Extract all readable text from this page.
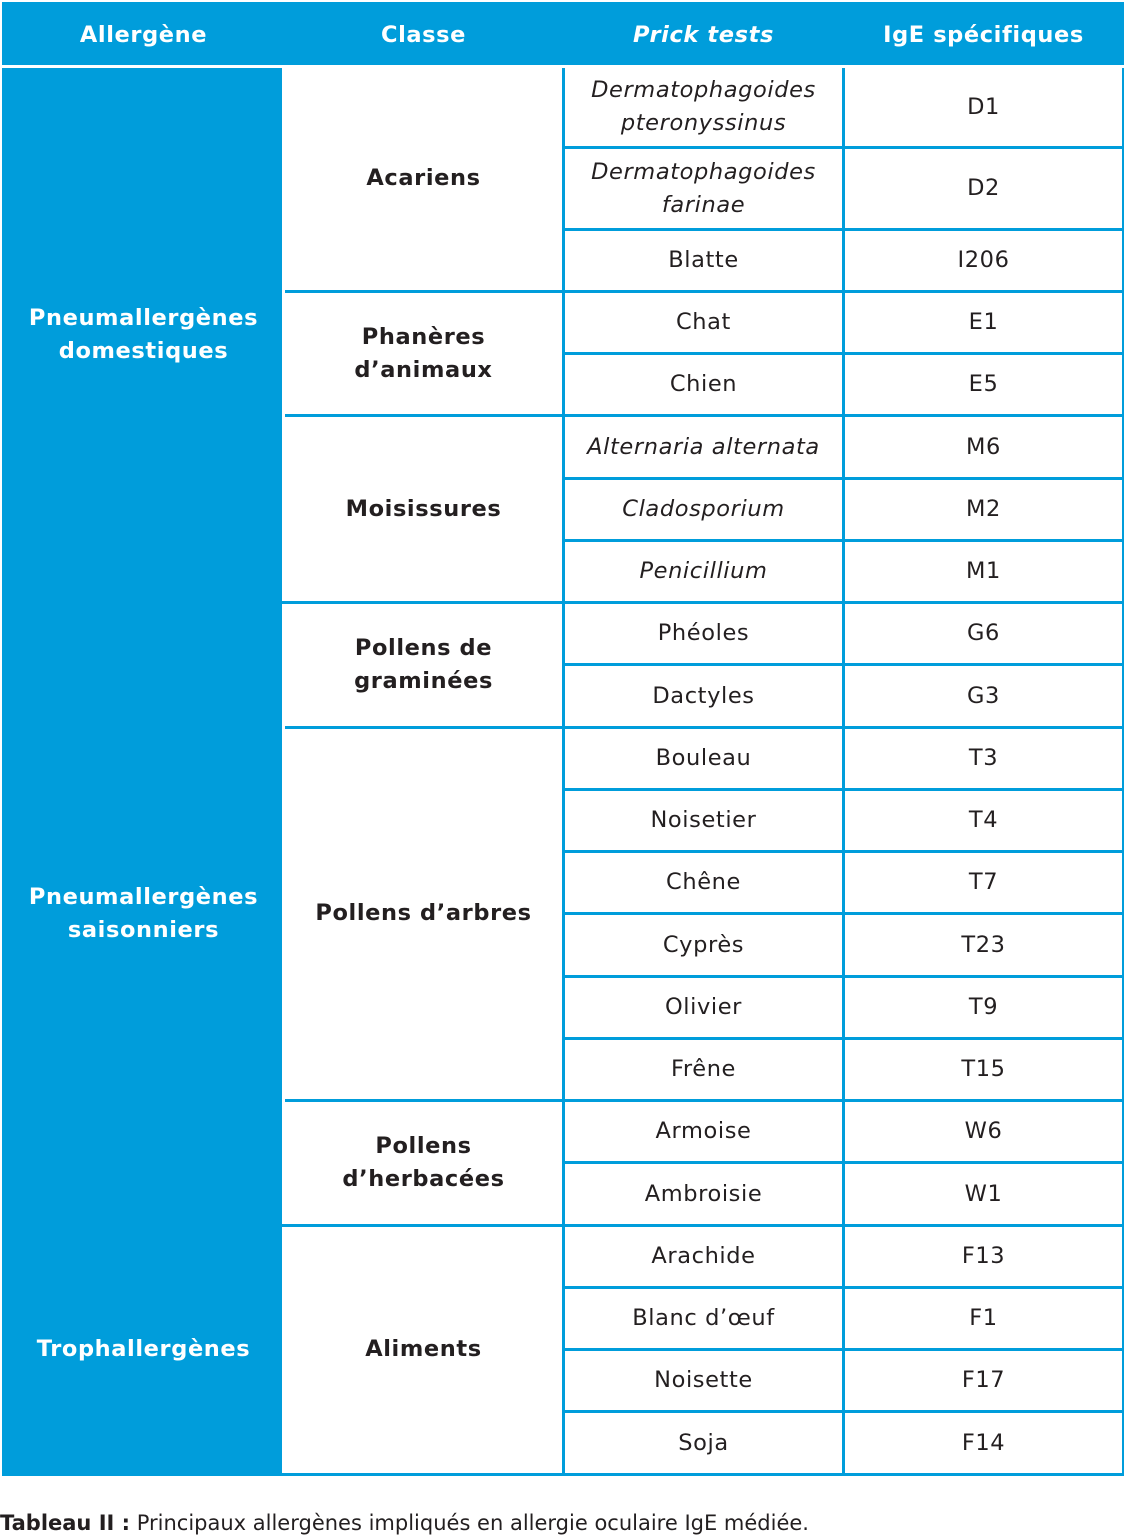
Allergène	Classe	Prick tests	IgE spécifiques
Pneumallergènes domestiques	Acariens	Dermatophagoides pteronyssinus	D1
		Dermatophagoides farinae	D2
		Blatte	I206
	Phanères d’animaux	Chat	E1
		Chien	E5
	Moisissures	Alternaria alternata	M6
		Cladosporium	M2
		Penicillium	M1
Pneumallergènes saisonniers	Pollens de graminées	Phéoles	G6
		Dactyles	G3
	Pollens d’arbres	Bouleau	T3
		Noisetier	T4
		Chêne	T7
		Cyprès	T23
		Olivier	T9
		Frêne	T15
	Pollens d’herbacées	Armoise	W6
		Ambroisie	W1
Trophallergènes	Aliments	Arachide	F13
		Blanc d’œuf	F1
		Noisette	F17
		Soja	F14
Tableau II : Principaux allergènes impliqués en allergie oculaire IgE médiée.
